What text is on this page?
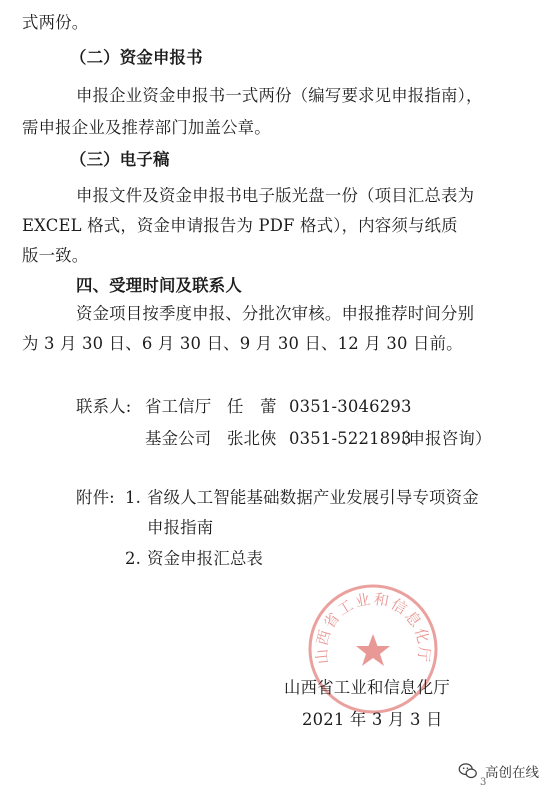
式两份。
（二）资金申报书
申报企业资金申报书一式两份（编写要求见申报指南），
需申报企业及推荐部门加盖公章。
（三）电子稿
申报文件及资金申报书电子版光盘一份（项目汇总表为
EXCEL 格式，资金申请报告为 PDF 格式），内容须与纸质
版一致。
四、受理时间及联系人
资金项目按季度申报、分批次审核。申报推荐时间分别
为 3 月 30 日、6 月 30 日、9 月 30 日、12 月 30 日前。
联系人: 省工信厅 任　蕾 0351-3046293
基金公司 张北俠 0351-5221893
（申报咨询）
附件: 1. 省级人工智能基础数据产业发展引导专项资金
申报指南
2. 资金申报汇总表
山西省工业和信息化厅
山西省工业和信息化厅
2021 年 3 月 3 日
3
高创在线
